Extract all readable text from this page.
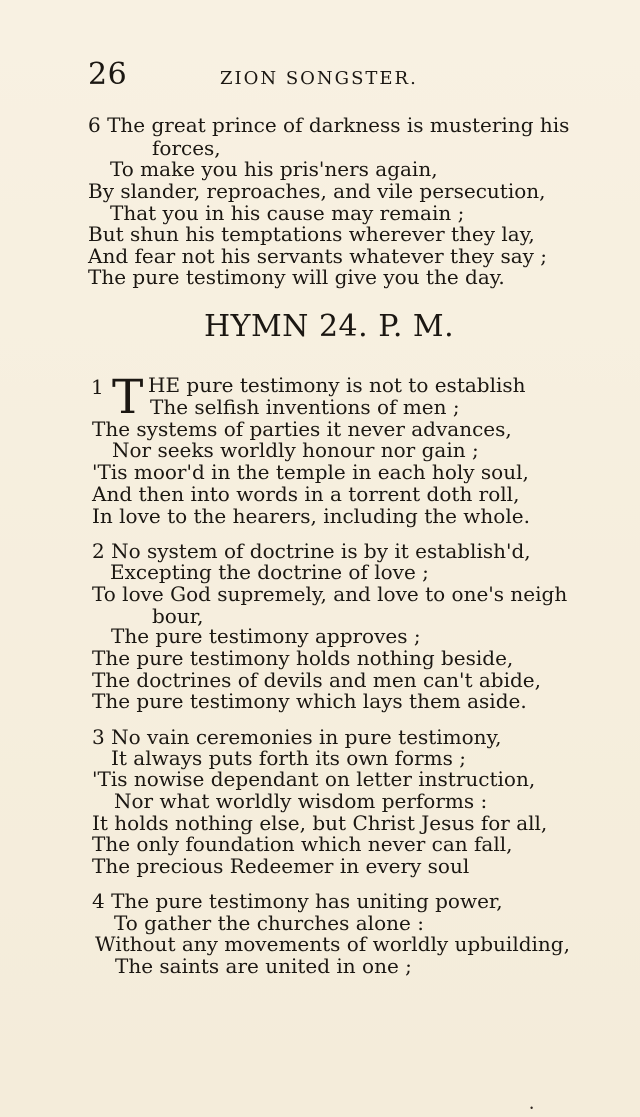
26	ZION SONGSTER.
6 The great prince of darkness is mustering his
forces,
To make you his pris'ners again,
By slander, reproaches, and vile persecution,
That you in his cause may remain ;
But shun his temptations wherever they lay,
And fear not his servants whatever they say ;
The pure testimony will give you the day.
HYMN 24. P. M.
1 T HE pure testimony is not to establish
The selfish inventions of men ;
The systems of parties it never advances,
Nor seeks worldly honour nor gain ;
'Tis moor'd in the temple in each holy soul,
And then into words in a torrent doth roll,
In love to the hearers, including the whole.
2 No system of doctrine is by it establish'd,
Excepting the doctrine of love ;
To love God supremely, and love to one's neigh
bour,
The pure testimony approves ;
The pure testimony holds nothing beside,
The doctrines of devils and men can't abide,
The pure testimony which lays them aside.
3 No vain ceremonies in pure testimony,
It always puts forth its own forms ;
'Tis nowise dependant on letter instruction,
Nor what worldly wisdom performs :
It holds nothing else, but Christ Jesus for all,
The only foundation which never can fall,
The precious Redeemer in every soul
4 The pure testimony has uniting power,
To gather the churches alone :
Without any movements of worldly upbuilding,
The saints are united in one ;
•
